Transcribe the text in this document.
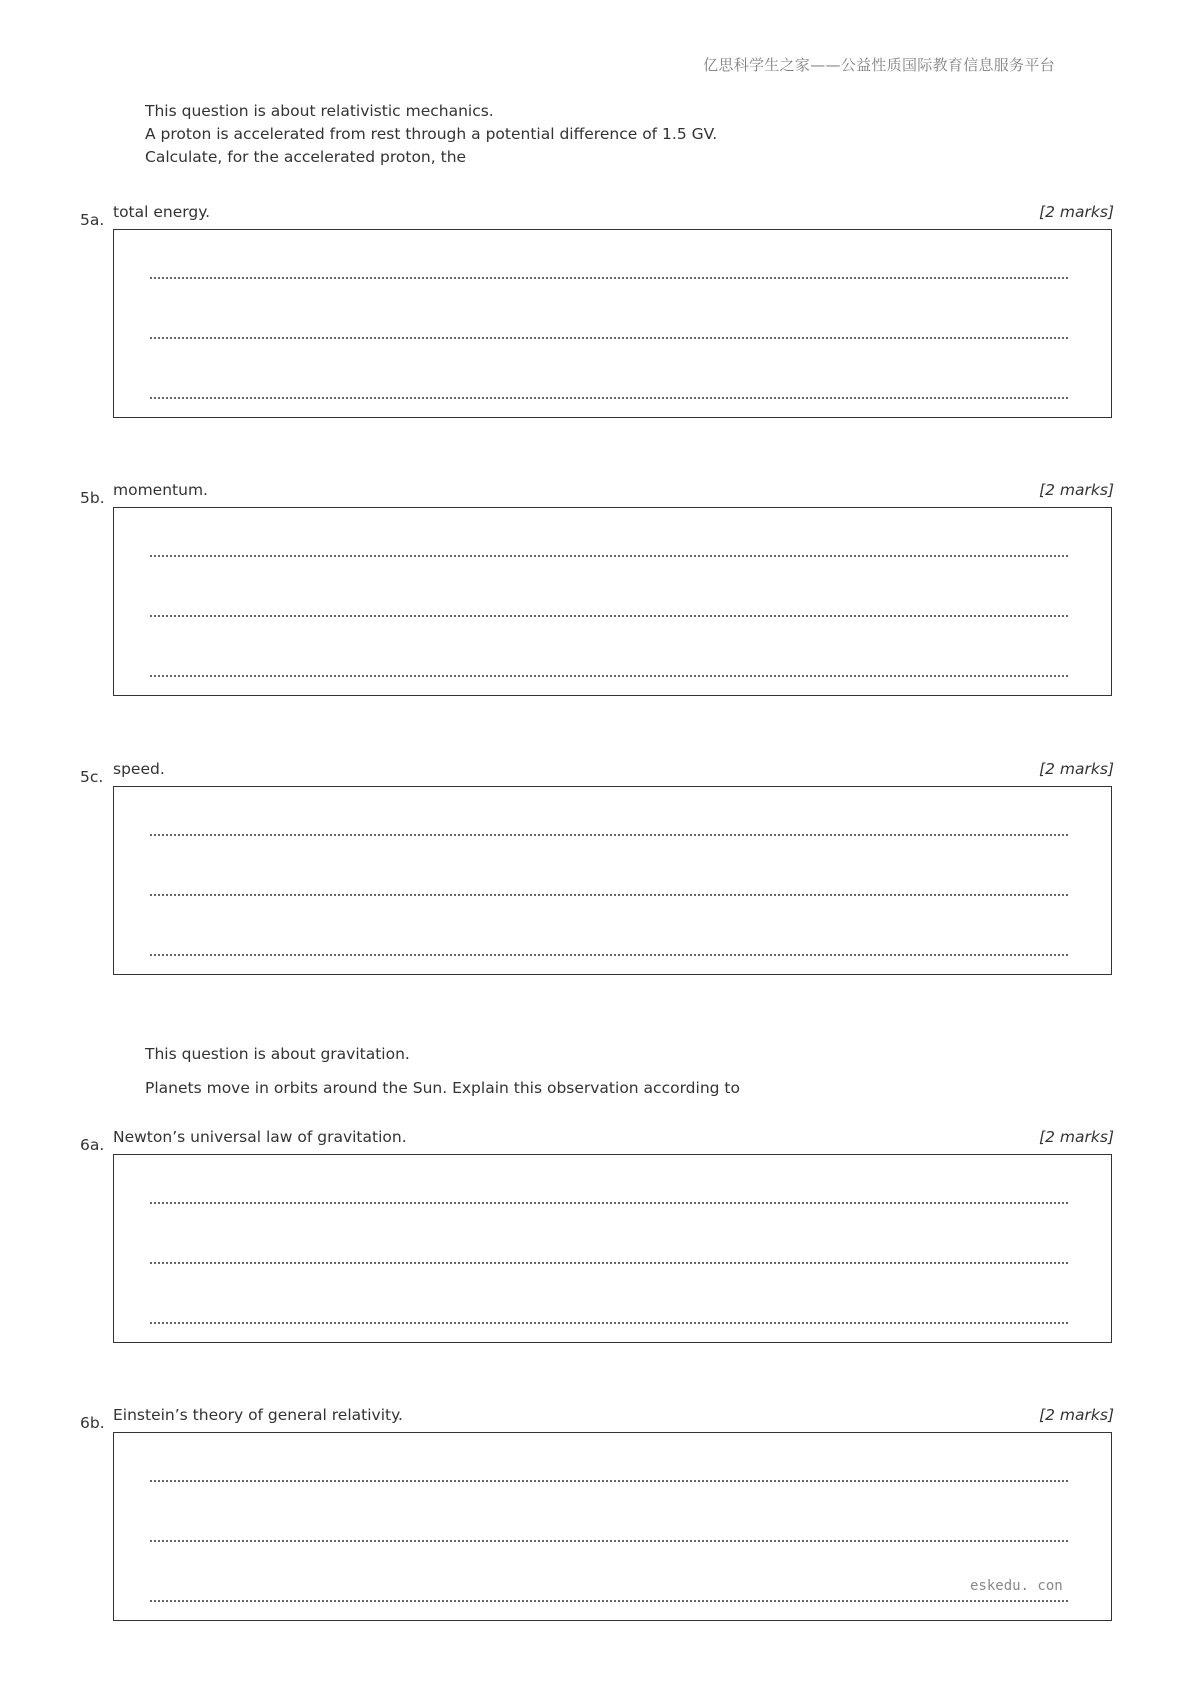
亿思科学生之家——公益性质国际教育信息服务平台

This question is about relativistic mechanics.

A proton is accelerated from rest through a potential difference of 1.5 GV.

Calculate, for the accelerated proton, the

5a. total energy.	[2 marks]
5b. momentum.	[2 marks]
5c. speed.	[2 marks]

This question is about gravitation.

Planets move in orbits around the Sun. Explain this observation according to

6a. Newton’s universal law of gravitation.	[2 marks]
6b. Einstein’s theory of general relativity.	[2 marks]
eskedu. con
